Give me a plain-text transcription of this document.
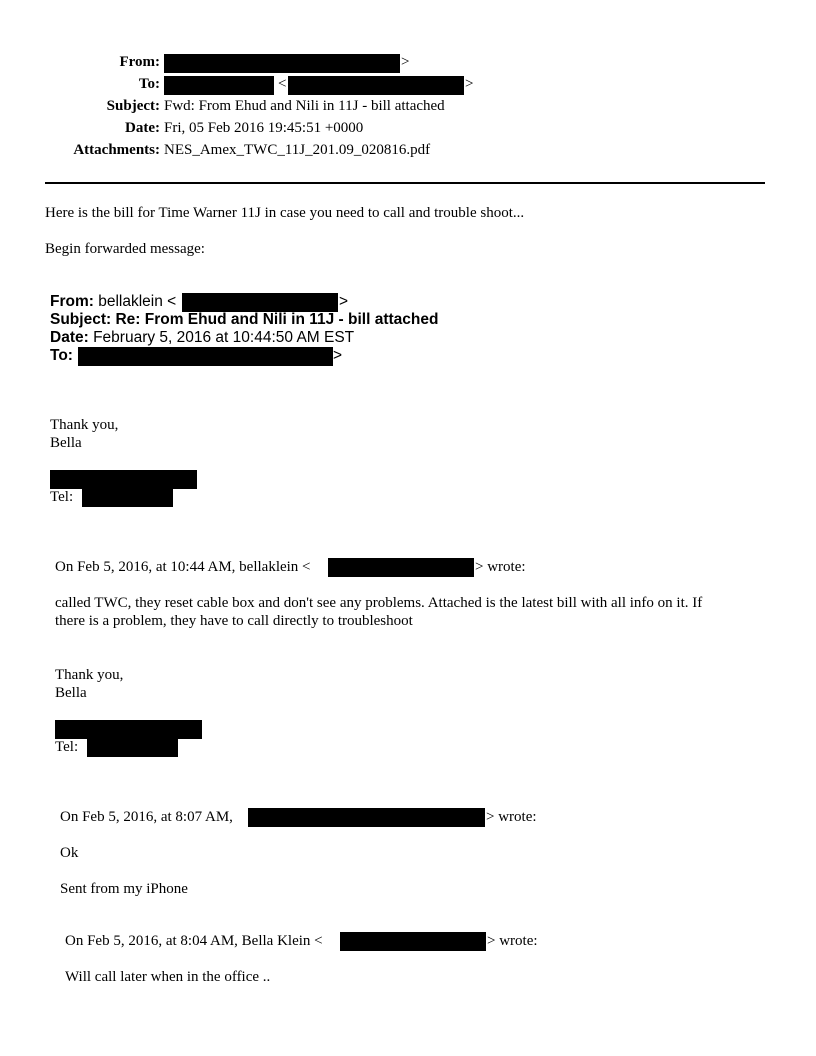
From:	>
To:	<	>
Subject: Fwd: From Ehud and Nili in 11J - bill attached
Date: Fri, 05 Feb 2016 19:45:51 +0000
Attachments: NES_Amex_TWC_11J_201.09_020816.pdf
Here is the bill for Time Warner 11J in case you need to call and trouble shoot...
Begin forwarded message:
From: bellaklein <	>
Subject: Re: From Ehud and Nili in 11J - bill attached
Date: February 5, 2016 at 10:44:50 AM EST
To:	>
Thank you,
Bella
Tel:
On Feb 5, 2016, at 10:44 AM, bellaklein <	> wrote:
called TWC, they reset cable box and don't see any problems. Attached is the latest bill with all info on it. If
there is a problem, they have to call directly to troubleshoot
Thank you,
Bella
Tel:
On Feb 5, 2016, at 8:07 AM,	> wrote:
Ok
Sent from my iPhone
On Feb 5, 2016, at 8:04 AM, Bella Klein <	> wrote:
Will call later when in the office ..
